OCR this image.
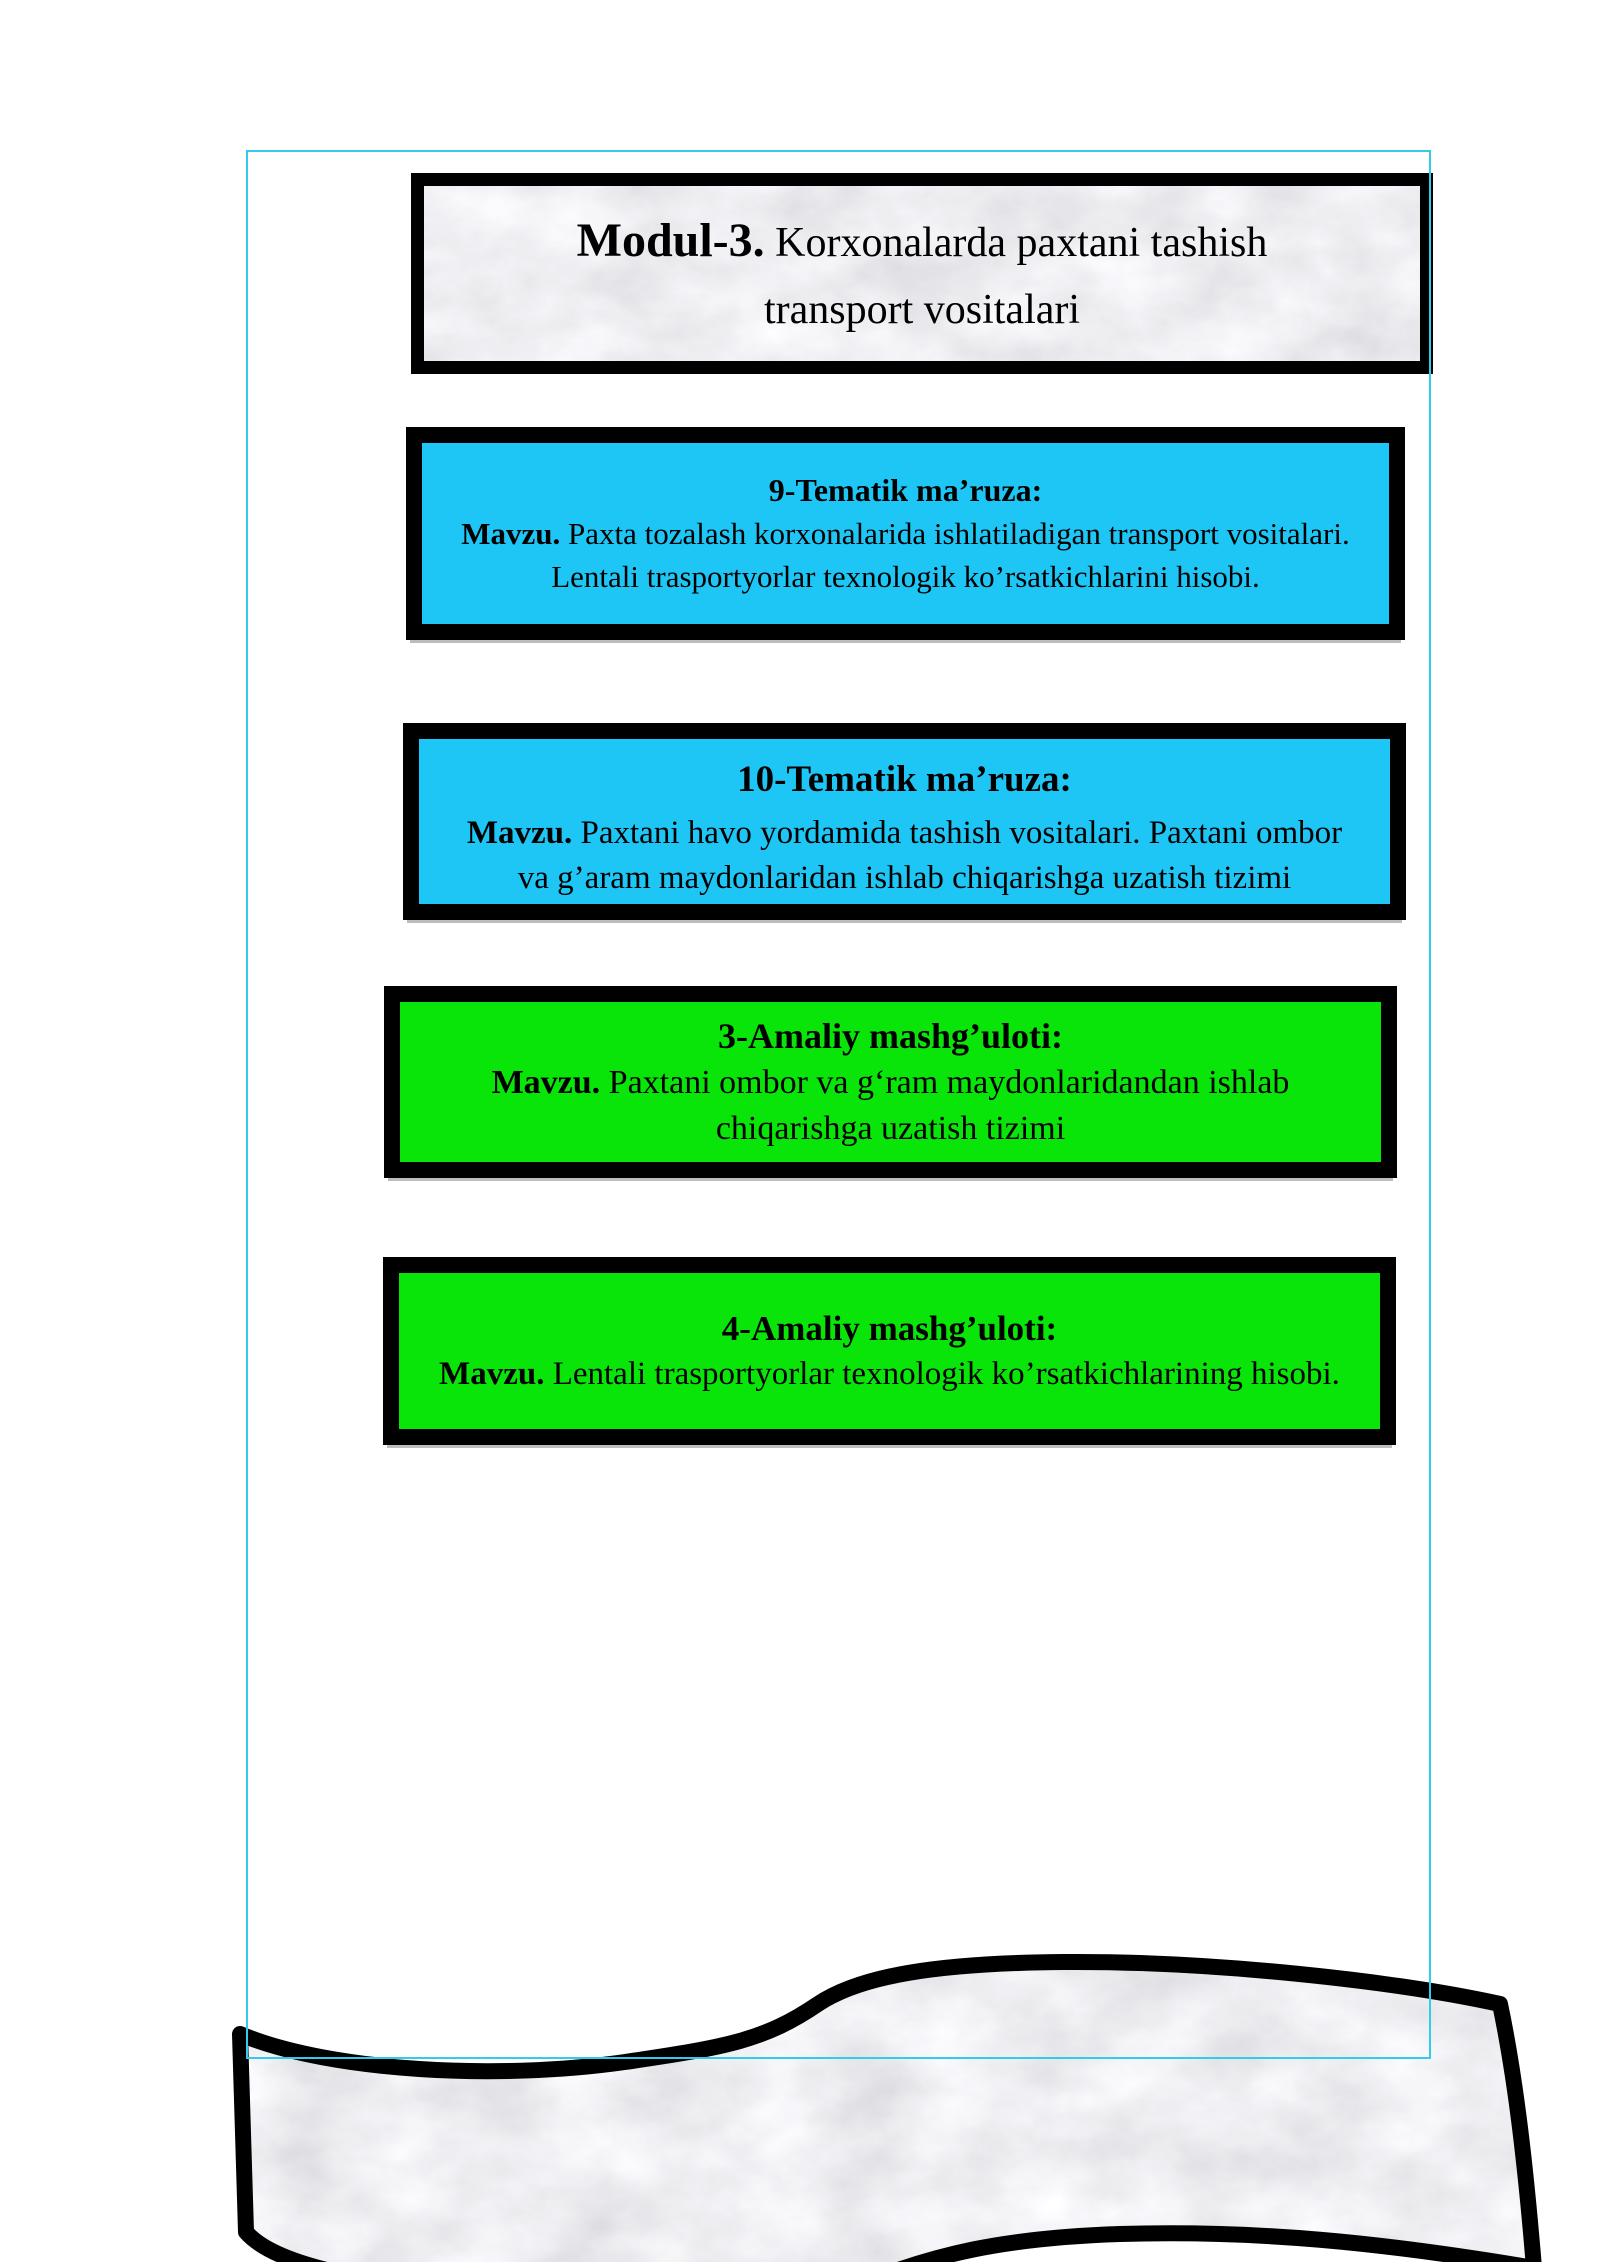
Modul-3. Korxonalarda paxtani tashish
transport vositalari
9-Tematik ma’ruza:
Mavzu. Paxta tozalash korxonalarida ishlatiladigan transport vositalari. Lentali trasportyorlar texnologik ko’rsatkichlarini hisobi.
10-Tematik ma’ruza:
Mavzu. Paxtani havo yordamida tashish vositalari. Paxtani ombor va g’aram maydonlaridan ishlab chiqarishga uzatish tizimi
3-Amaliy mashg’uloti:
Mavzu. Paxtani ombor va g‘ram maydonlaridandan ishlab chiqarishga uzatish tizimi
4-Amaliy mashg’uloti:
Mavzu. Lentali trasportyorlar texnologik ko’rsatkichlarining hisobi.
